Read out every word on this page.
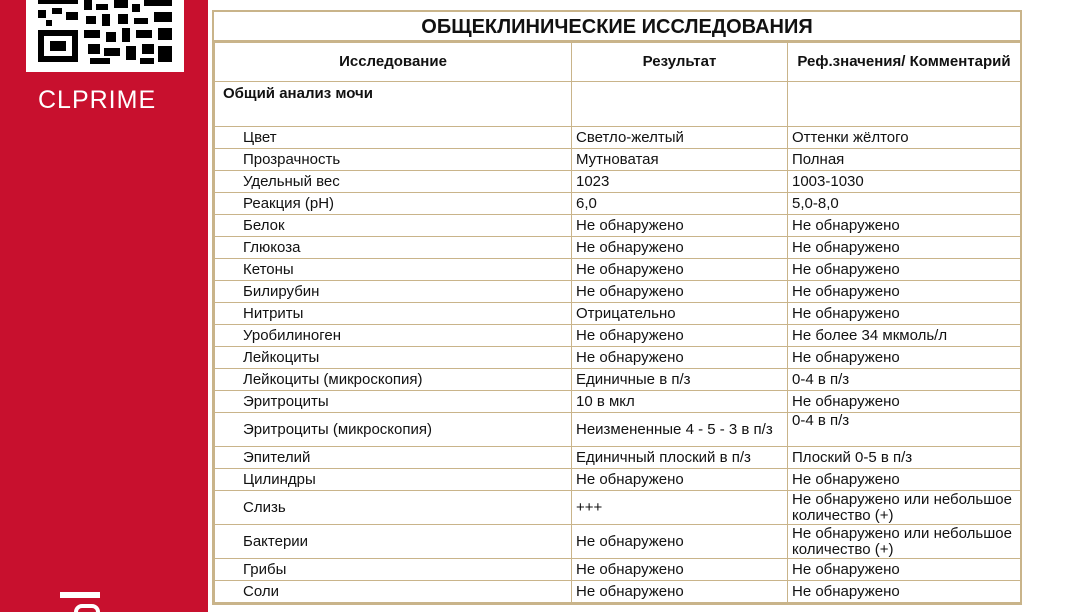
CLPRIME
ОБЩЕКЛИНИЧЕСКИЕ ИССЛЕДОВАНИЯ
Исследование	Результат	Реф.значения/ Комментарий
Общий анализ мочи		
Цвет	Светло-желтый	Оттенки жёлтого
Прозрачность	Мутноватая	Полная
Удельный вес	1023	1003-1030
Реакция (pH)	6,0	5,0-8,0
Белок	Не обнаружено	Не обнаружено
Глюкоза	Не обнаружено	Не обнаружено
Кетоны	Не обнаружено	Не обнаружено
Билирубин	Не обнаружено	Не обнаружено
Нитриты	Отрицательно	Не обнаружено
Уробилиноген	Не обнаружено	Не более 34 мкмоль/л
Лейкоциты	Не обнаружено	Не обнаружено
Лейкоциты (микроскопия)	Единичные в п/з	0-4 в п/з
Эритроциты	10 в мкл	Не обнаружено
Эритроциты (микроскопия)	Неизмененные 4 - 5 - 3 в п/з	0-4 в п/з
Эпителий	Единичный плоский в п/з	Плоский 0-5 в п/з
Цилиндры	Не обнаружено	Не обнаружено
Слизь	+++	Не обнаружено или небольшое количество (+)
Бактерии	Не обнаружено	Не обнаружено или небольшое количество (+)
Грибы	Не обнаружено	Не обнаружено
Соли	Не обнаружено	Не обнаружено
